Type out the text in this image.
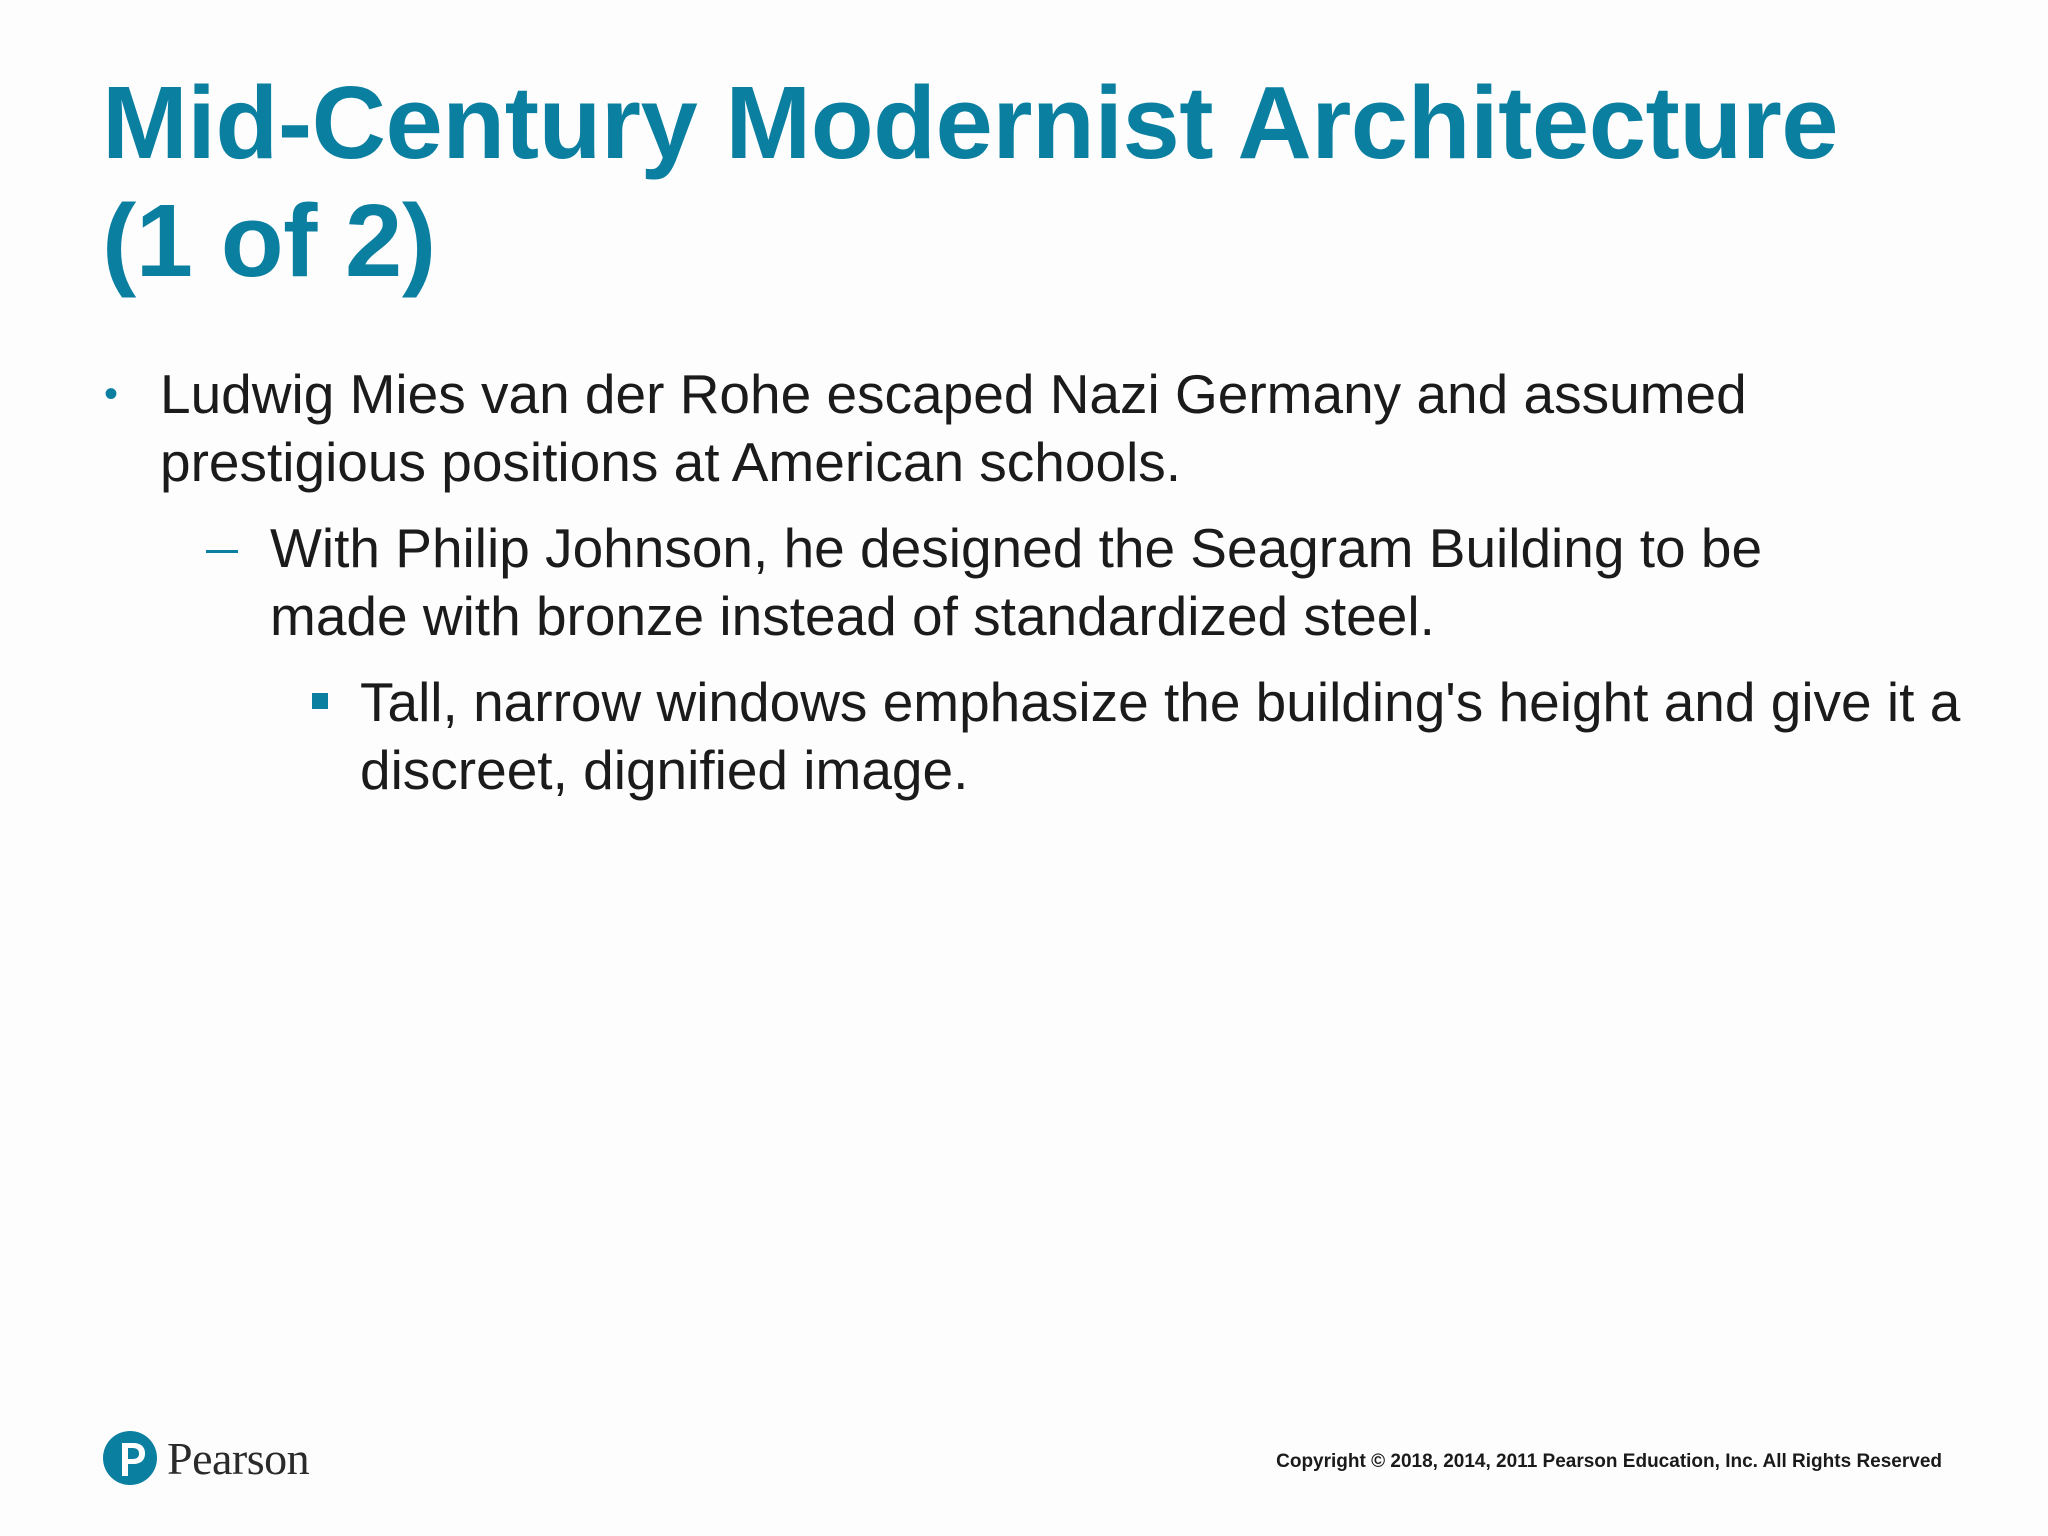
Mid-Century Modernist Architecture
(1 of 2)
• Ludwig Mies van der Rohe escaped Nazi Germany and assumed prestigious positions at American schools.
With Philip Johnson, he designed the Seagram Building to be made with bronze instead of standardized steel.
Tall, narrow windows emphasize the building's height and give it a discreet, dignified image.
Pearson	Copyright © 2018, 2014, 2011 Pearson Education, Inc. All Rights Reserved
